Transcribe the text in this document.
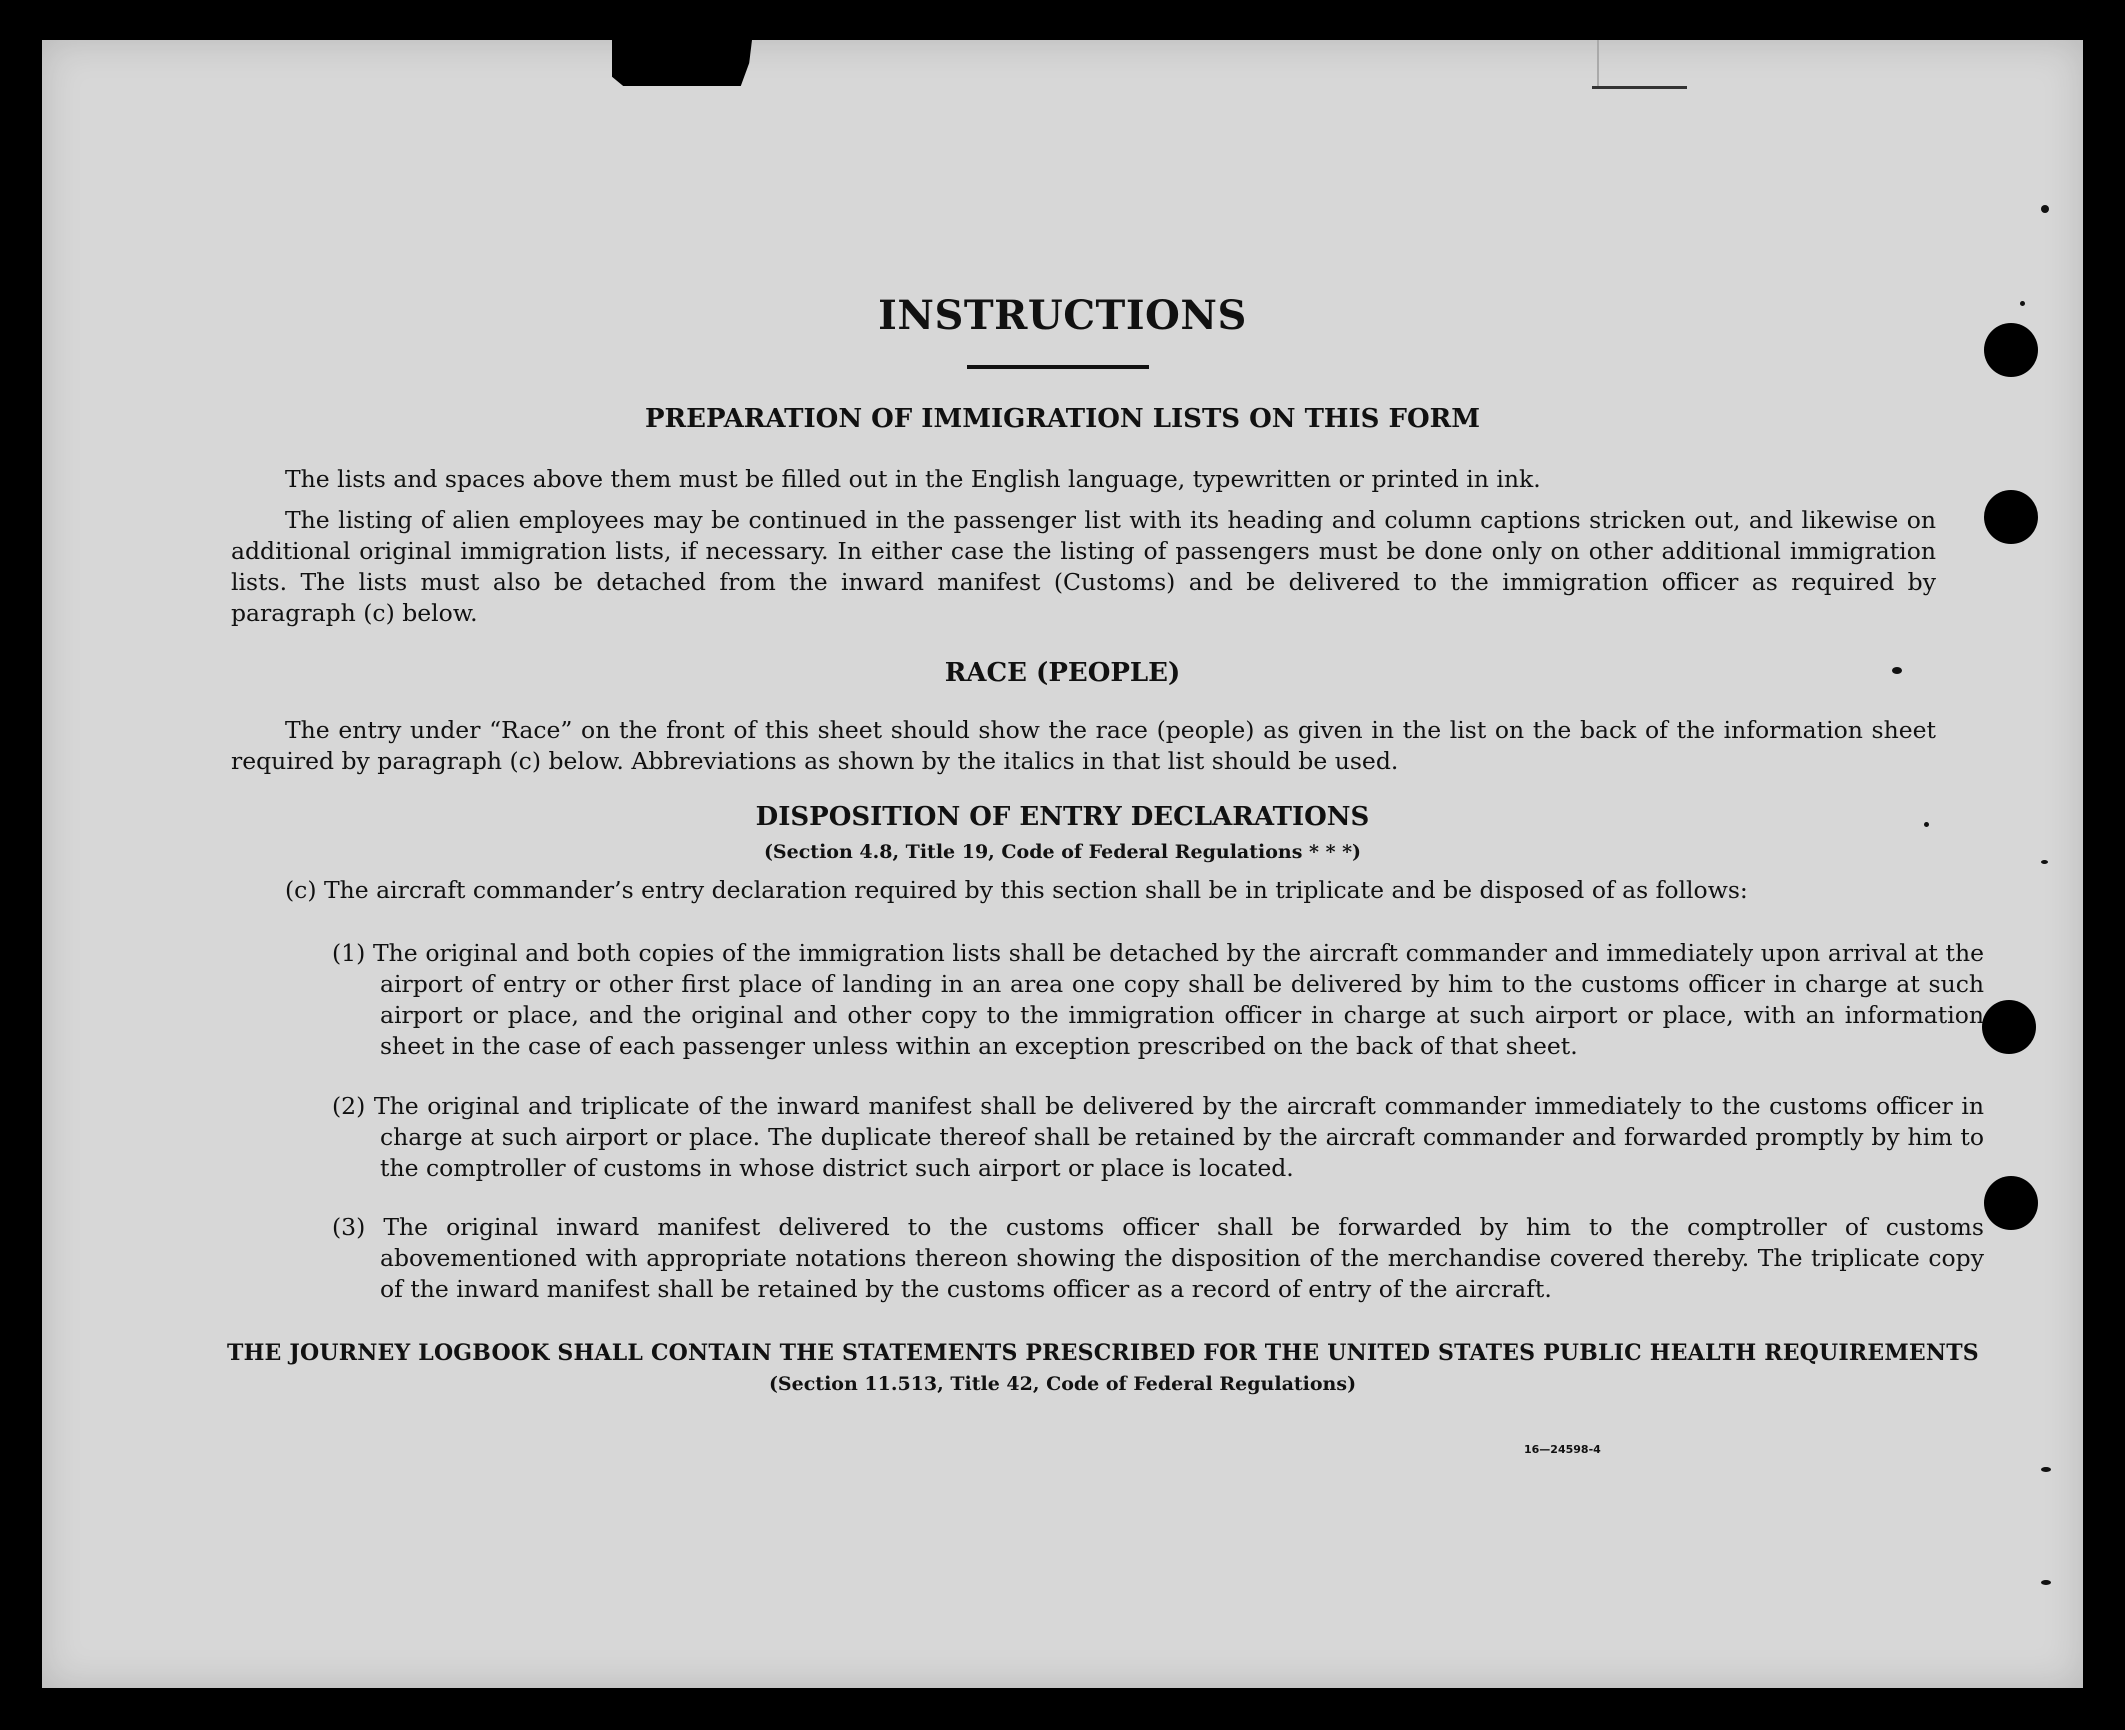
INSTRUCTIONS
PREPARATION OF IMMIGRATION LISTS ON THIS FORM

The lists and spaces above them must be filled out in the English language, typewritten or printed in ink.

The listing of alien employees may be continued in the passenger list with its heading and column captions stricken out, and likewise on additional original immigration lists, if necessary. In either case the listing of passengers must be done only on other additional immigration lists. The lists must also be detached from the inward manifest (Customs) and be delivered to the immigration officer as required by paragraph (c) below.

RACE (PEOPLE)

The entry under “Race” on the front of this sheet should show the race (people) as given in the list on the back of the information sheet required by paragraph (c) below. Abbreviations as shown by the italics in that list should be used.

DISPOSITION OF ENTRY DECLARATIONS
(Section 4.8, Title 19, Code of Federal Regulations * * *)

(c) The aircraft commander’s entry declaration required by this section shall be in triplicate and be disposed of as follows:

(1) The original and both copies of the immigration lists shall be detached by the aircraft commander and immediately upon arrival at the airport of entry or other first place of landing in an area one copy shall be delivered by him to the customs officer in charge at such airport or place, and the original and other copy to the immigration officer in charge at such airport or place, with an information sheet in the case of each passenger unless within an exception prescribed on the back of that sheet.

(2) The original and triplicate of the inward manifest shall be delivered by the aircraft commander immediately to the customs officer in charge at such airport or place. The duplicate thereof shall be retained by the aircraft commander and forwarded promptly by him to the comptroller of customs in whose district such airport or place is located.

(3) The original inward manifest delivered to the customs officer shall be forwarded by him to the comptroller of customs abovementioned with appropriate notations thereon showing the disposition of the merchandise covered thereby. The triplicate copy of the inward manifest shall be retained by the customs officer as a record of entry of the aircraft.

THE JOURNEY LOGBOOK SHALL CONTAIN THE STATEMENTS PRESCRIBED FOR THE UNITED STATES PUBLIC HEALTH REQUIREMENTS
(Section 11.513, Title 42, Code of Federal Regulations)
16—24598-4
